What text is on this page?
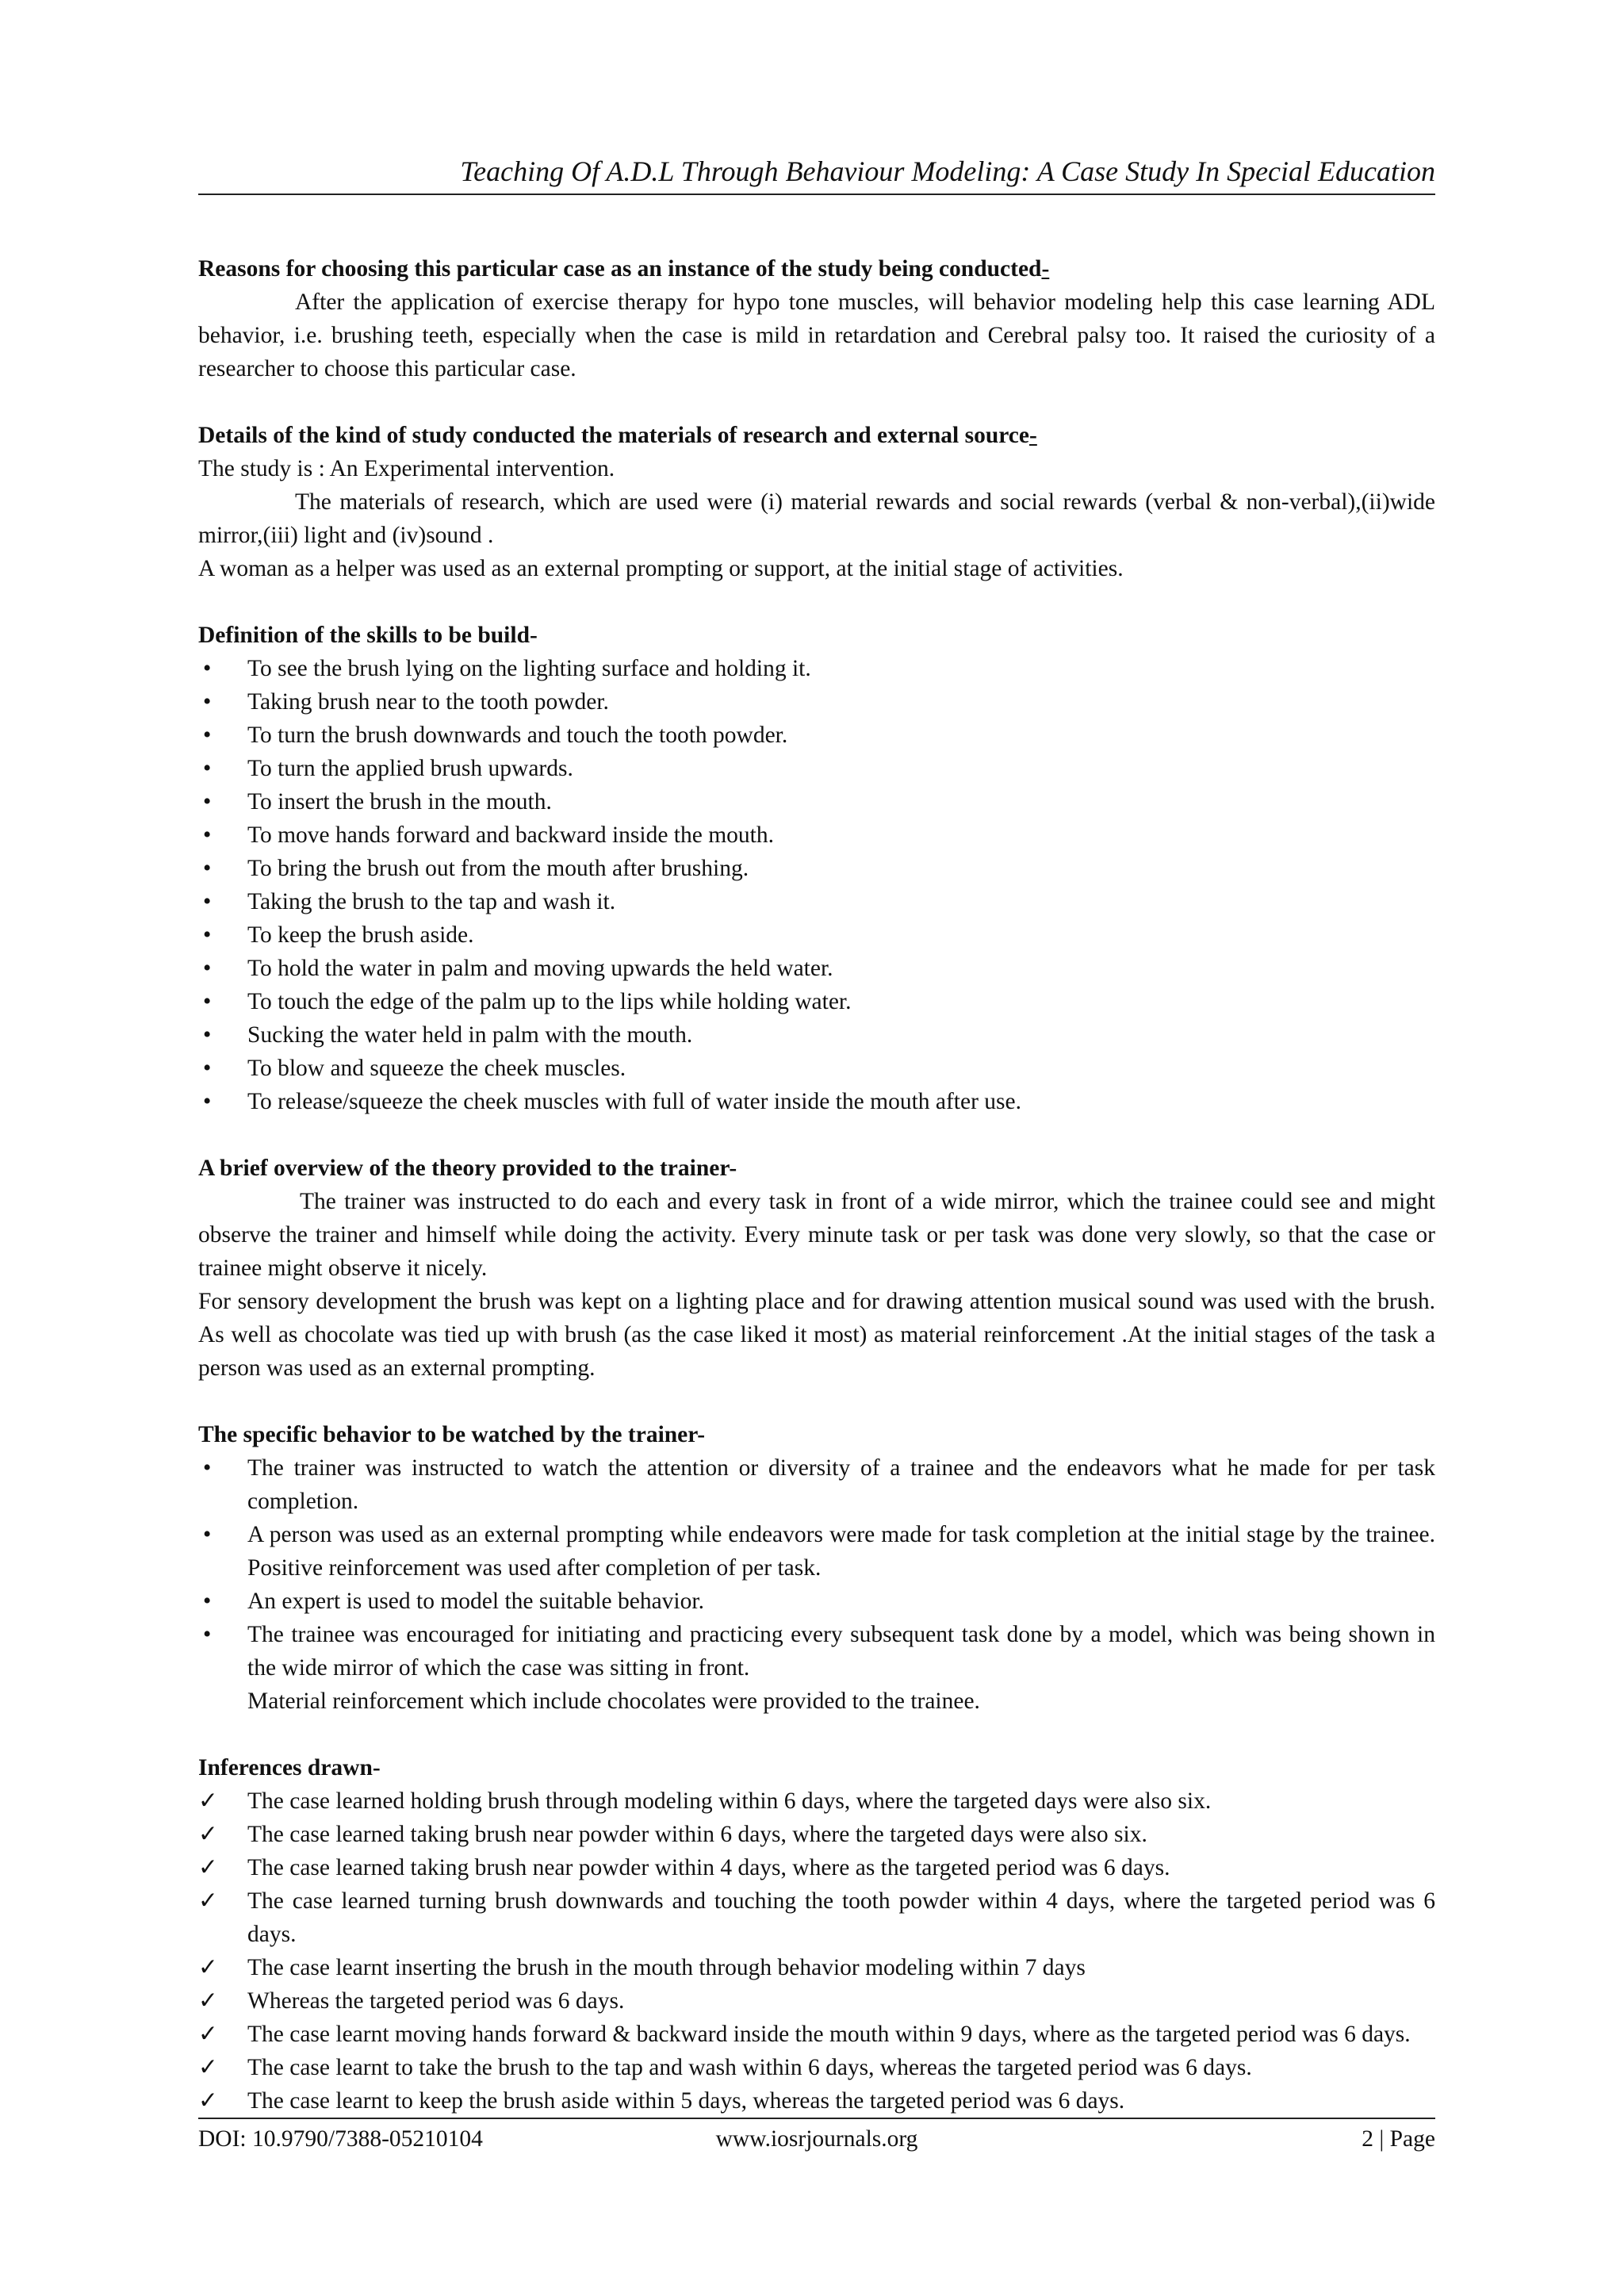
Teaching Of A.D.L Through Behaviour Modeling: A Case Study In Special Education
Reasons for choosing this particular case as an instance of the study being conducted-

After the application of exercise therapy for hypo tone muscles, will behavior modeling help this case learning ADL behavior, i.e. brushing teeth, especially when the case is mild in retardation and Cerebral palsy too. It raised the curiosity of a researcher to choose this particular case.

Details of the kind of study conducted the materials of research and external source-

The study is : An Experimental intervention.

The materials of research, which are used were (i) material rewards and social rewards (verbal & non-verbal),(ii)wide mirror,(iii) light and (iv)sound .

A woman as a helper was used as an external prompting or support, at the initial stage of activities.

Definition of the skills to be build-
•	To see the brush lying on the lighting surface and holding it.
•	Taking brush near to the tooth powder.
•	To turn the brush downwards and touch the tooth powder.
•	To turn the applied brush upwards.
•	To insert the brush in the mouth.
•	To move hands forward and backward inside the mouth.
•	To bring the brush out from the mouth after brushing.
•	Taking the brush to the tap and wash it.
•	To keep the brush aside.
•	To hold the water in palm and moving upwards the held water.
•	To touch the edge of the palm up to the lips while holding water.
•	Sucking the water held in palm with the mouth.
•	To blow and squeeze the cheek muscles.
•	To release/squeeze the cheek muscles with full of water inside the mouth after use.
A brief overview of the theory provided to the trainer-

The trainer was instructed to do each and every task in front of a wide mirror, which the trainee could see and might observe the trainer and himself while doing the activity. Every minute task or per task was done very slowly, so that the case or trainee might observe it nicely.

For sensory development the brush was kept on a lighting place and for drawing attention musical sound was used with the brush. As well as chocolate was tied up with brush (as the case liked it most) as material reinforcement .At the initial stages of the task a person was used as an external prompting.

The specific behavior to be watched by the trainer-
•	The trainer was instructed to watch the attention or diversity of a trainee and the endeavors what he made for per task completion.
•	A person was used as an external prompting while endeavors were made for task completion at the initial stage by the trainee. Positive reinforcement was used after completion of per task.
•	An expert is used to model the suitable behavior.
•	The trainee was encouraged for initiating and practicing every subsequent task done by a model, which was being shown in the wide mirror of which the case was sitting in front.
Material reinforcement which include chocolates were provided to the trainee.
Inferences drawn-
✓ The case learned holding brush through modeling within 6 days, where the targeted days were also six.
✓ The case learned taking brush near powder within 6 days, where the targeted days were also six.
✓ The case learned taking brush near powder within 4 days, where as the targeted period was 6 days.
✓ The case learned turning brush downwards and touching the tooth powder within 4 days, where the targeted period was 6 days.
✓ The case learnt inserting the brush in the mouth through behavior modeling within 7 days
✓ Whereas the targeted period was 6 days.
✓ The case learnt moving hands forward & backward inside the mouth within 9 days, where as the targeted period was 6 days.
✓ The case learnt to take the brush to the tap and wash within 6 days, whereas the targeted period was 6 days.
✓ The case learnt to keep the brush aside within 5 days, whereas the targeted period was 6 days.
DOI: 10.9790/7388-05210104	www.iosrjournals.org	2 | Page
